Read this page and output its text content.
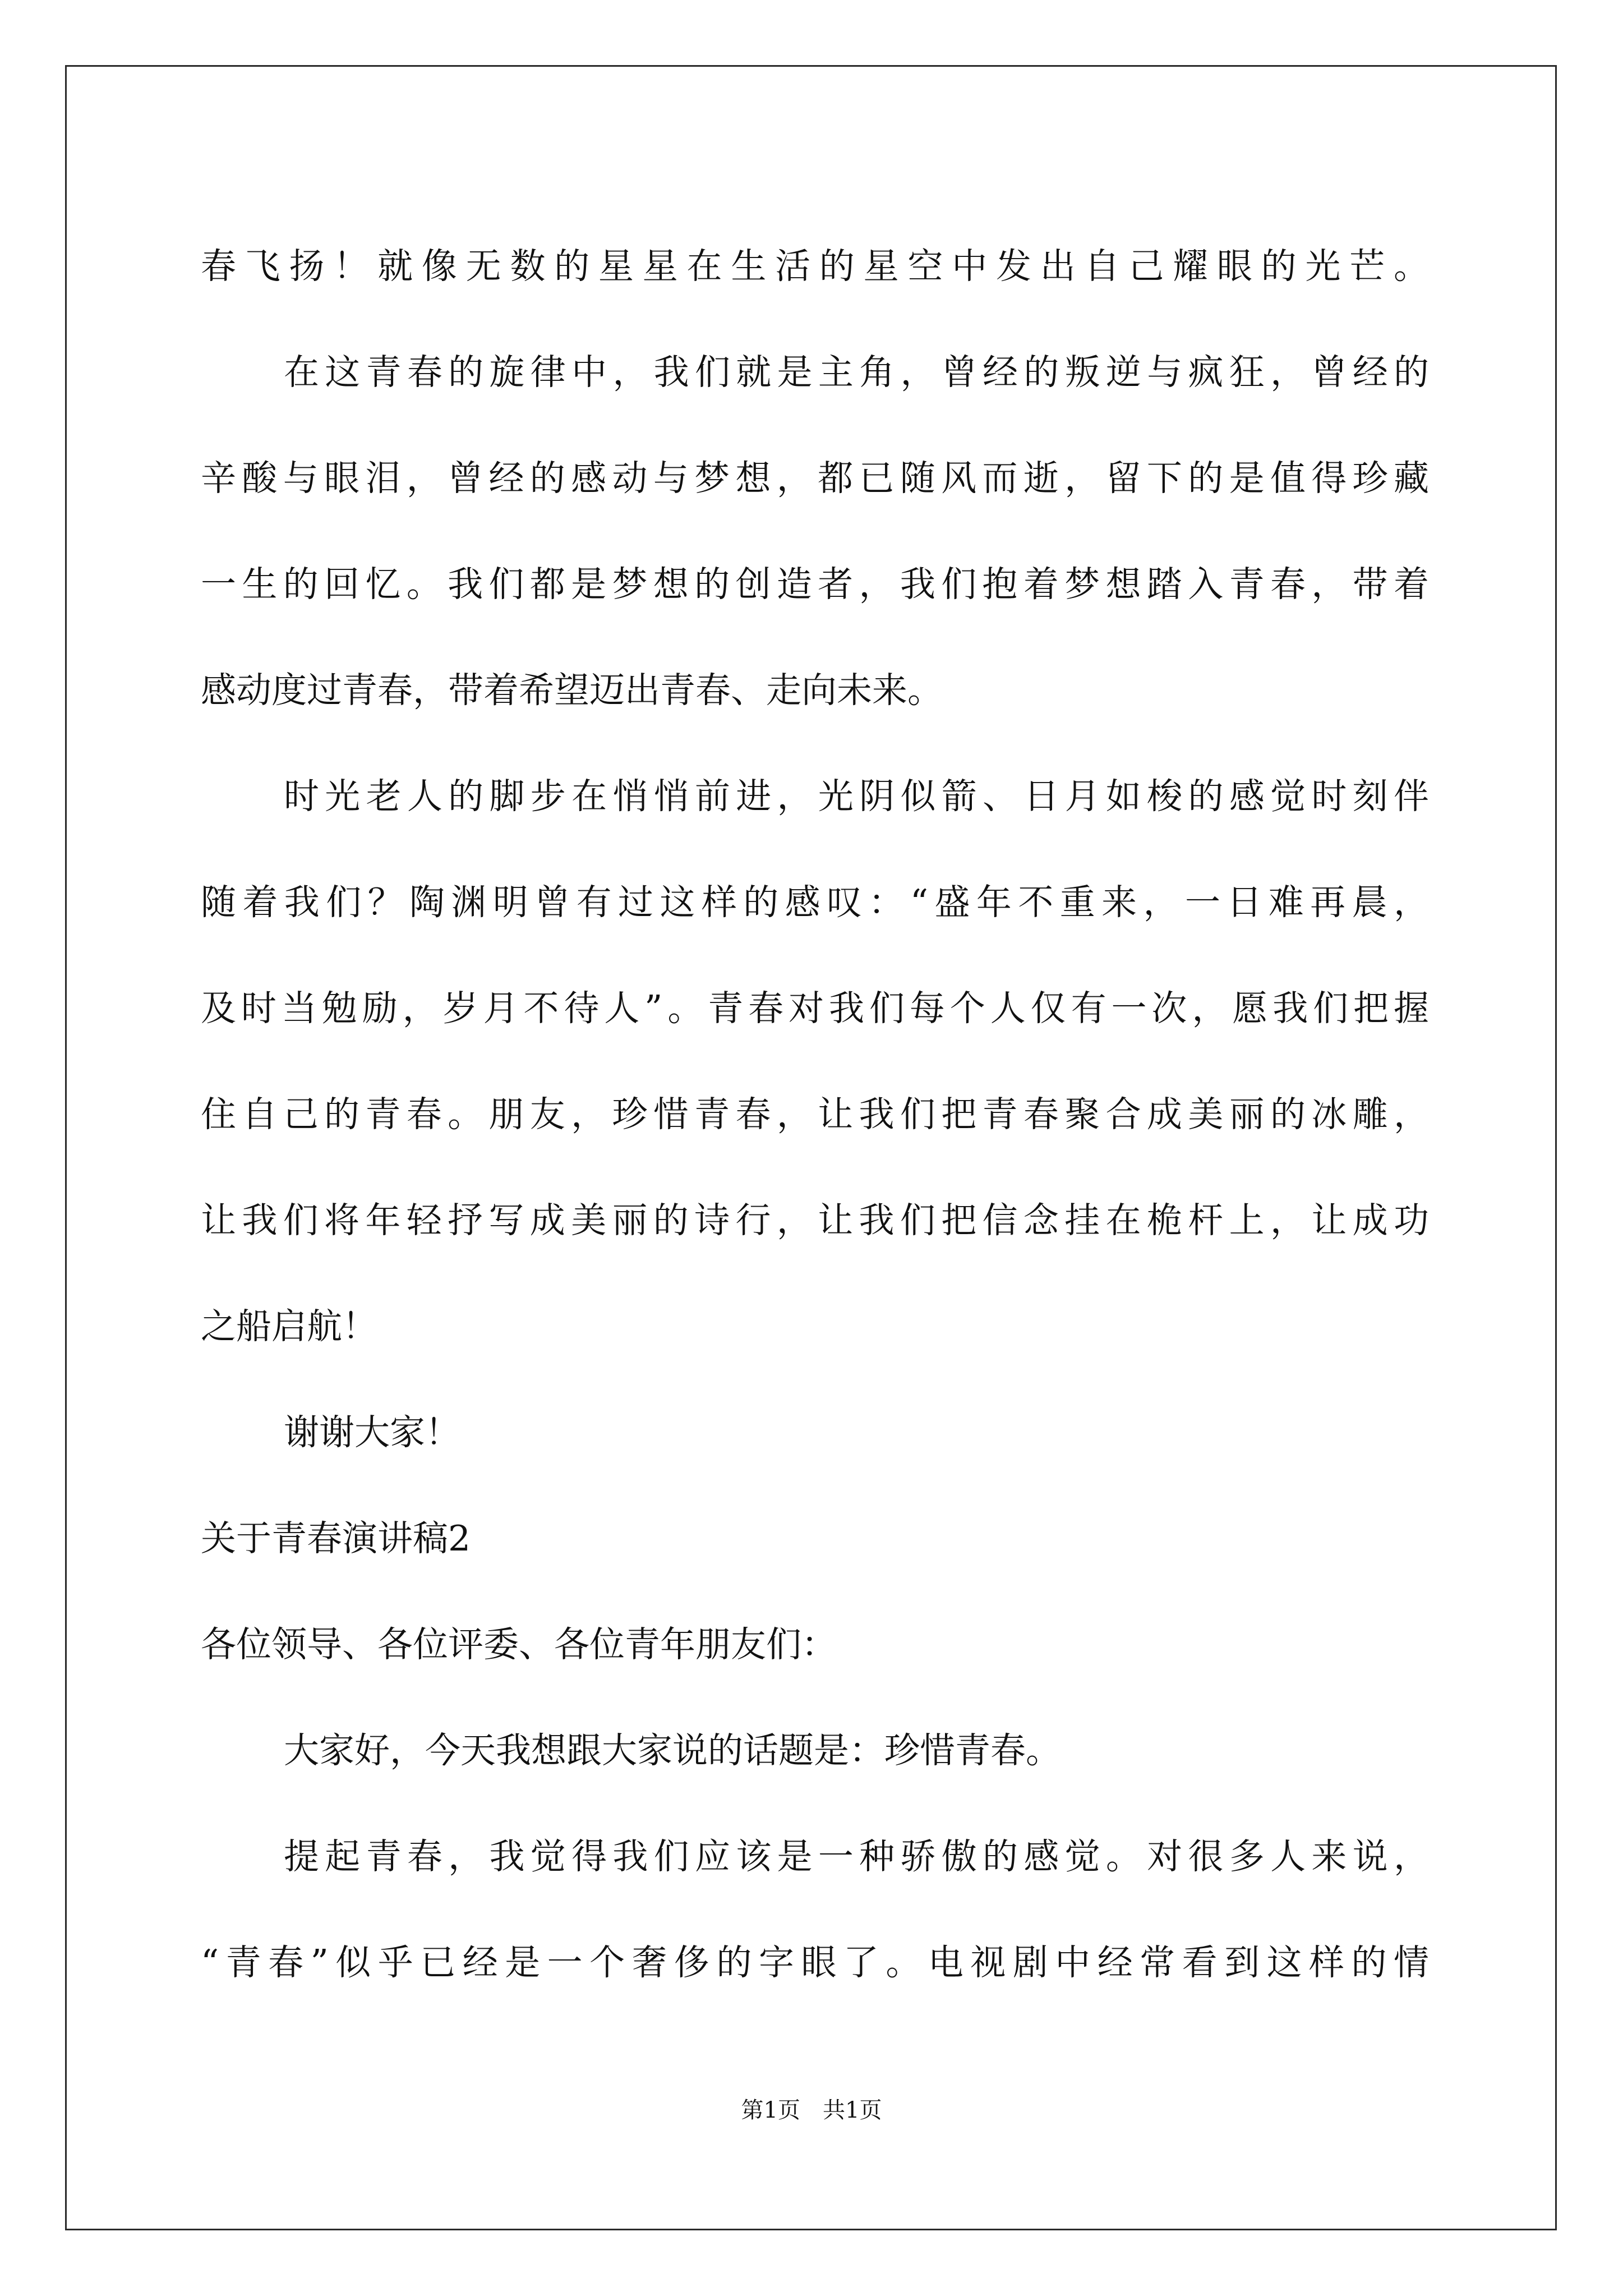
春飞扬！就像无数的星星在生活的星空中发出自己耀眼的光芒。
在这青春的旋律中，我们就是主角，曾经的叛逆与疯狂，曾经的
辛酸与眼泪，曾经的感动与梦想，都已随风而逝，留下的是值得珍藏
一生的回忆。我们都是梦想的创造者，我们抱着梦想踏入青春，带着
感动度过青春，带着希望迈出青春、走向未来。
时光老人的脚步在悄悄前进，光阴似箭、日月如梭的感觉时刻伴
随着我们？陶渊明曾有过这样的感叹：“盛年不重来，一日难再晨，
及时当勉励，岁月不待人”。青春对我们每个人仅有一次，愿我们把握
住自己的青春。朋友，珍惜青春，让我们把青春聚合成美丽的冰雕，
让我们将年轻抒写成美丽的诗行，让我们把信念挂在桅杆上，让成功
之船启航！
谢谢大家！
关于青春演讲稿2
各位领导、各位评委、各位青年朋友们：
大家好，今天我想跟大家说的话题是：珍惜青春。
提起青春，我觉得我们应该是一种骄傲的感觉。对很多人来说，
“青春”似乎已经是一个奢侈的字眼了。电视剧中经常看到这样的情
第1页 共1页
